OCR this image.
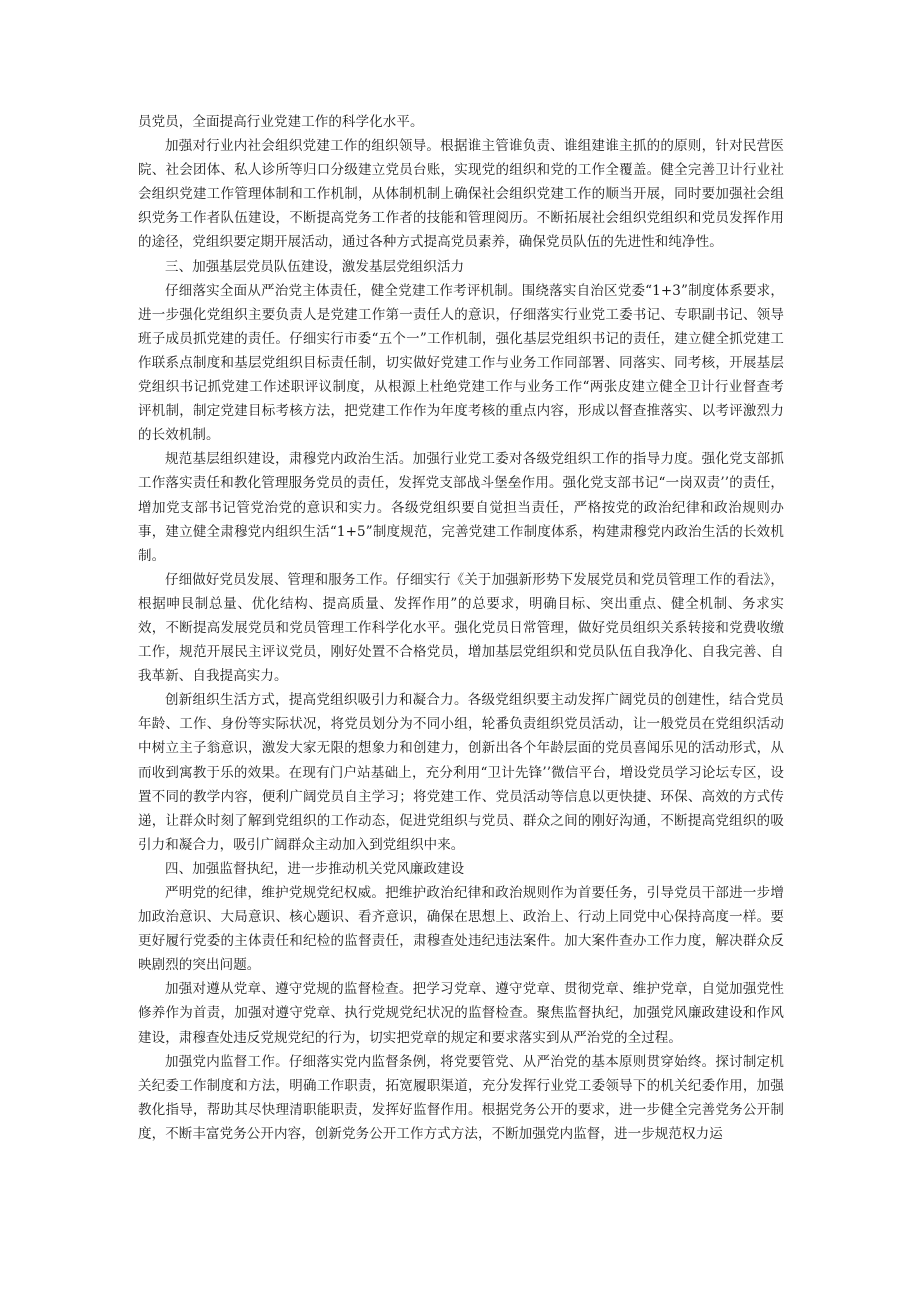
员党员，全面提高行业党建工作的科学化水平。

加强对行业内社会组织党建工作的组织领导。根据谁主管谁负责、谁组建谁主抓的的原则，针对民营医院、社会团体、私人诊所等归口分级建立党员台账，实现党的组织和党的工作全覆盖。健全完善卫计行业社会组织党建工作管理体制和工作机制，从体制机制上确保社会组织党建工作的顺当开展，同时要加强社会组织党务工作者队伍建设，不断提高党务工作者的技能和管理阅历。不断拓展社会组织党组织和党员发挥作用的途径，党组织要定期开展活动，通过各种方式提高党员素养，确保党员队伍的先进性和纯净性。

三、加强基层党员队伍建设，激发基层党组织活力

仔细落实全面从严治党主体责任，健全党建工作考评机制。围绕落实自治区党委“1+3”制度体系要求，进一步强化党组织主要负责人是党建工作第一责任人的意识，仔细落实行业党工委书记、专职副书记、领导班子成员抓党建的责任。仔细实行市委“五个一”工作机制，强化基层党组织书记的责任，建立健全抓党建工作联系点制度和基层党组织目标责任制，切实做好党建工作与业务工作同部署、同落实、同考核，开展基层党组织书记抓党建工作述职评议制度，从根源上杜绝党建工作与业务工作“两张皮建立健全卫计行业督查考评机制，制定党建目标考核方法，把党建工作作为年度考核的重点内容，形成以督查推落实、以考评激烈力的长效机制。

规范基层组织建设，肃穆党内政治生活。加强行业党工委对各级党组织工作的指导力度。强化党支部抓工作落实责任和教化管理服务党员的责任，发挥党支部战斗堡垒作用。强化党支部书记“一岗双责’’的责任，增加党支部书记管党治党的意识和实力。各级党组织要自觉担当责任，严格按党的政治纪律和政治规则办事，建立健全肃穆党内组织生活“1+5”制度规范，完善党建工作制度体系，构建肃穆党内政治生活的长效机制。

仔细做好党员发展、管理和服务工作。仔细实行《关于加强新形势下发展党员和党员管理工作的看法》，根据呻艮制总量、优化结构、提高质量、发挥作用”的总要求，明确目标、突出重点、健全机制、务求实效，不断提高发展党员和党员管理工作科学化水平。强化党员日常管理，做好党员组织关系转接和党费收缴工作，规范开展民主评议党员，刚好处置不合格党员，增加基层党组织和党员队伍自我净化、自我完善、自我革新、自我提高实力。

创新组织生活方式，提高党组织吸引力和凝合力。各级党组织要主动发挥广阔党员的创建性，结合党员年龄、工作、身份等实际状况，将党员划分为不同小组，轮番负责组织党员活动，让一般党员在党组织活动中树立主子翁意识，激发大家无限的想象力和创建力，创新出各个年龄层面的党员喜闻乐见的活动形式，从而收到寓教于乐的效果。在现有门户站基础上，充分利用“卫计先锋’’微信平台，增设党员学习论坛专区，设置不同的教学内容，便利广阔党员自主学习；将党建工作、党员活动等信息以更快捷、环保、高效的方式传递，让群众时刻了解到党组织的工作动态，促进党组织与党员、群众之间的刚好沟通，不断提高党组织的吸引力和凝合力，吸引广阔群众主动加入到党组织中来。

四、加强监督执纪，进一步推动机关党风廉政建设

严明党的纪律，维护党规党纪权威。把维护政治纪律和政治规则作为首要任务，引导党员干部进一步增加政治意识、大局意识、核心题识、看齐意识，确保在思想上、政治上、行动上同党中心保持高度一样。要更好履行党委的主体责任和纪检的监督责任，肃穆查处违纪违法案件。加大案件查办工作力度，解决群众反映剧烈的突出问题。

加强对遵从党章、遵守党规的监督检查。把学习党章、遵守党章、贯彻党章、维护党章，自觉加强党性修养作为首责，加强对遵守党章、执行党规党纪状况的监督检查。聚焦监督执纪，加强党风廉政建设和作风建设，肃穆查处违反党规党纪的行为，切实把党章的规定和要求落实到从严治党的全过程。

加强党内监督工作。仔细落实党内监督条例，将党要管党、从严治党的基本原则贯穿始终。探讨制定机关纪委工作制度和方法，明确工作职责，拓宽履职渠道，充分发挥行业党工委领导下的机关纪委作用，加强教化指导，帮助其尽快理清职能职责，发挥好监督作用。根据党务公开的要求，进一步健全完善党务公开制度，不断丰富党务公开内容，创新党务公开工作方式方法，不断加强党内监督，进一步规范权力运
